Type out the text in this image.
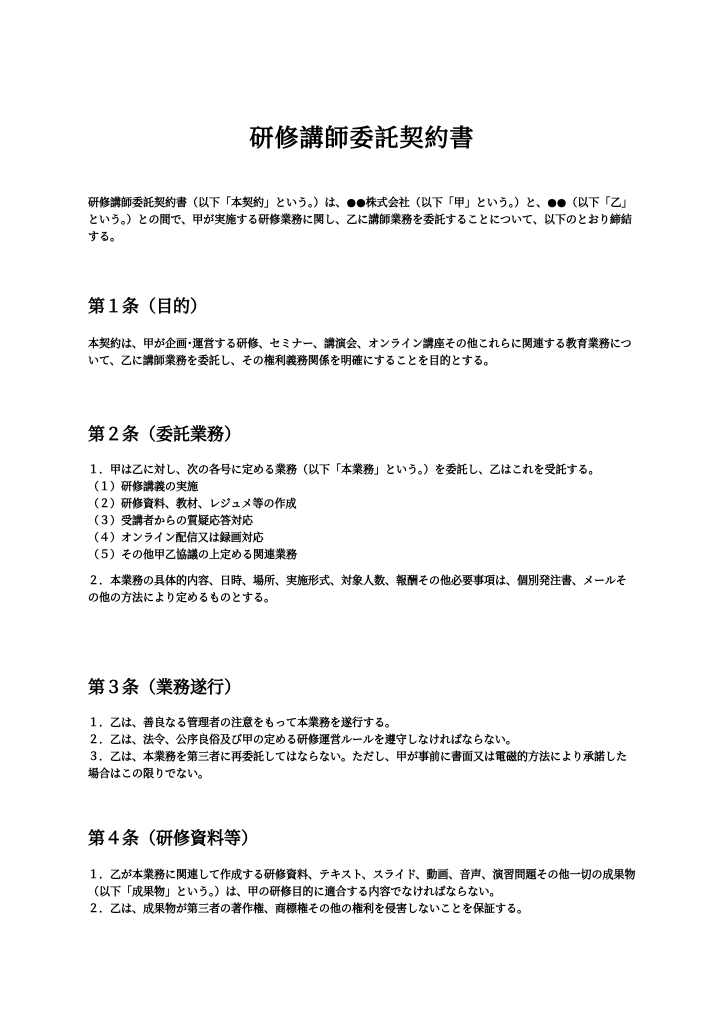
研修講師委託契約書

研修講師委託契約書（以下「本契約」という。）は、●●株式会社（以下「甲」という。）と、●●（以下「乙」という。）との間で、甲が実施する研修業務に関し、乙に講師業務を委託することについて、以下のとおり締結する。

第１条（目的）

本契約は、甲が企画･運営する研修、セミナー、講演会、オンライン講座その他これらに関連する教育業務について、乙に講師業務を委託し、その権利義務関係を明確にすることを目的とする。

第２条（委託業務）

１．甲は乙に対し、次の各号に定める業務（以下「本業務」という。）を委託し、乙はこれを受託する。

（１）研修講義の実施
（２）研修資料、教材、レジュメ等の作成
（３）受講者からの質疑応答対応
（４）オンライン配信又は録画対応
（５）その他甲乙協議の上定める関連業務

２．本業務の具体的内容、日時、場所、実施形式、対象人数、報酬その他必要事項は、個別発注書、メールその他の方法により定めるものとする。

第３条（業務遂行）

１．乙は、善良なる管理者の注意をもって本業務を遂行する。

２．乙は、法令、公序良俗及び甲の定める研修運営ルールを遵守しなければならない。

３．乙は、本業務を第三者に再委託してはならない。ただし、甲が事前に書面又は電磁的方法により承諾した場合はこの限りでない。

第４条（研修資料等）

１．乙が本業務に関連して作成する研修資料、テキスト、スライド、動画、音声、演習問題その他一切の成果物（以下「成果物」という。）は、甲の研修目的に適合する内容でなければならない。

２．乙は、成果物が第三者の著作権、商標権その他の権利を侵害しないことを保証する。
